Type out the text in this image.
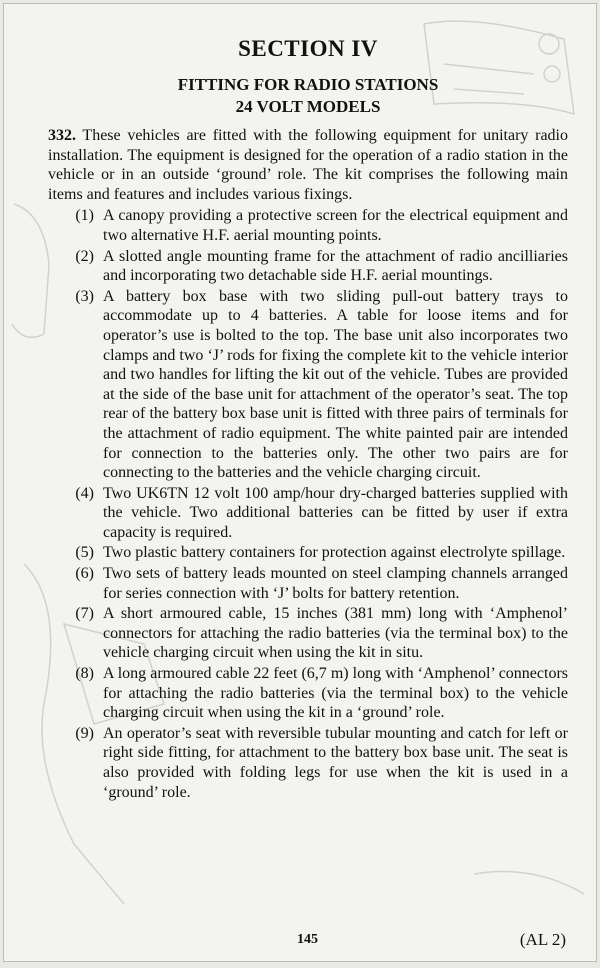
SECTION IV

FITTING FOR RADIO STATIONS

24 VOLT MODELS

332. These vehicles are fitted with the following equipment for unitary radio installation. The equipment is designed for the operation of a radio station in the vehicle or in an outside ‘ground’ role. The kit comprises the following main items and features and includes various fixings.
(1) A canopy providing a protective screen for the electrical equipment and two alternative H.F. aerial mounting points.
(2) A slotted angle mounting frame for the attachment of radio ancilliaries and incorporating two detachable side H.F. aerial mountings.
(3) A battery box base with two sliding pull-out battery trays to accommodate up to 4 batteries. A table for loose items and for operator’s use is bolted to the top. The base unit also incorporates two clamps and two ‘J’ rods for fixing the complete kit to the vehicle interior and two handles for lifting the kit out of the vehicle. Tubes are provided at the side of the base unit for attachment of the operator’s seat. The top rear of the battery box base unit is fitted with three pairs of terminals for the attachment of radio equipment. The white painted pair are intended for connection to the batteries only. The other two pairs are for connecting to the batteries and the vehicle charging circuit.
(4) Two UK6TN 12 volt 100 amp/hour dry-charged batteries supplied with the vehicle. Two additional batteries can be fitted by user if extra capacity is required.
(5) Two plastic battery containers for protection against electrolyte spillage.
(6) Two sets of battery leads mounted on steel clamping channels arranged for series connection with ‘J’ bolts for battery retention.
(7) A short armoured cable, 15 inches (381 mm) long with ‘Amphenol’ connectors for attaching the radio batteries (via the terminal box) to the vehicle charging circuit when using the kit in situ.
(8) A long armoured cable 22 feet (6,7 m) long with ‘Amphenol’ connectors for attaching the radio batteries (via the terminal box) to the vehicle charging circuit when using the kit in a ‘ground’ role.
(9) An operator’s seat with reversible tubular mounting and catch for left or right side fitting, for attachment to the battery box base unit. The seat is also provided with folding legs for use when the kit is used in a ‘ground’ role.
145	(AL 2)
